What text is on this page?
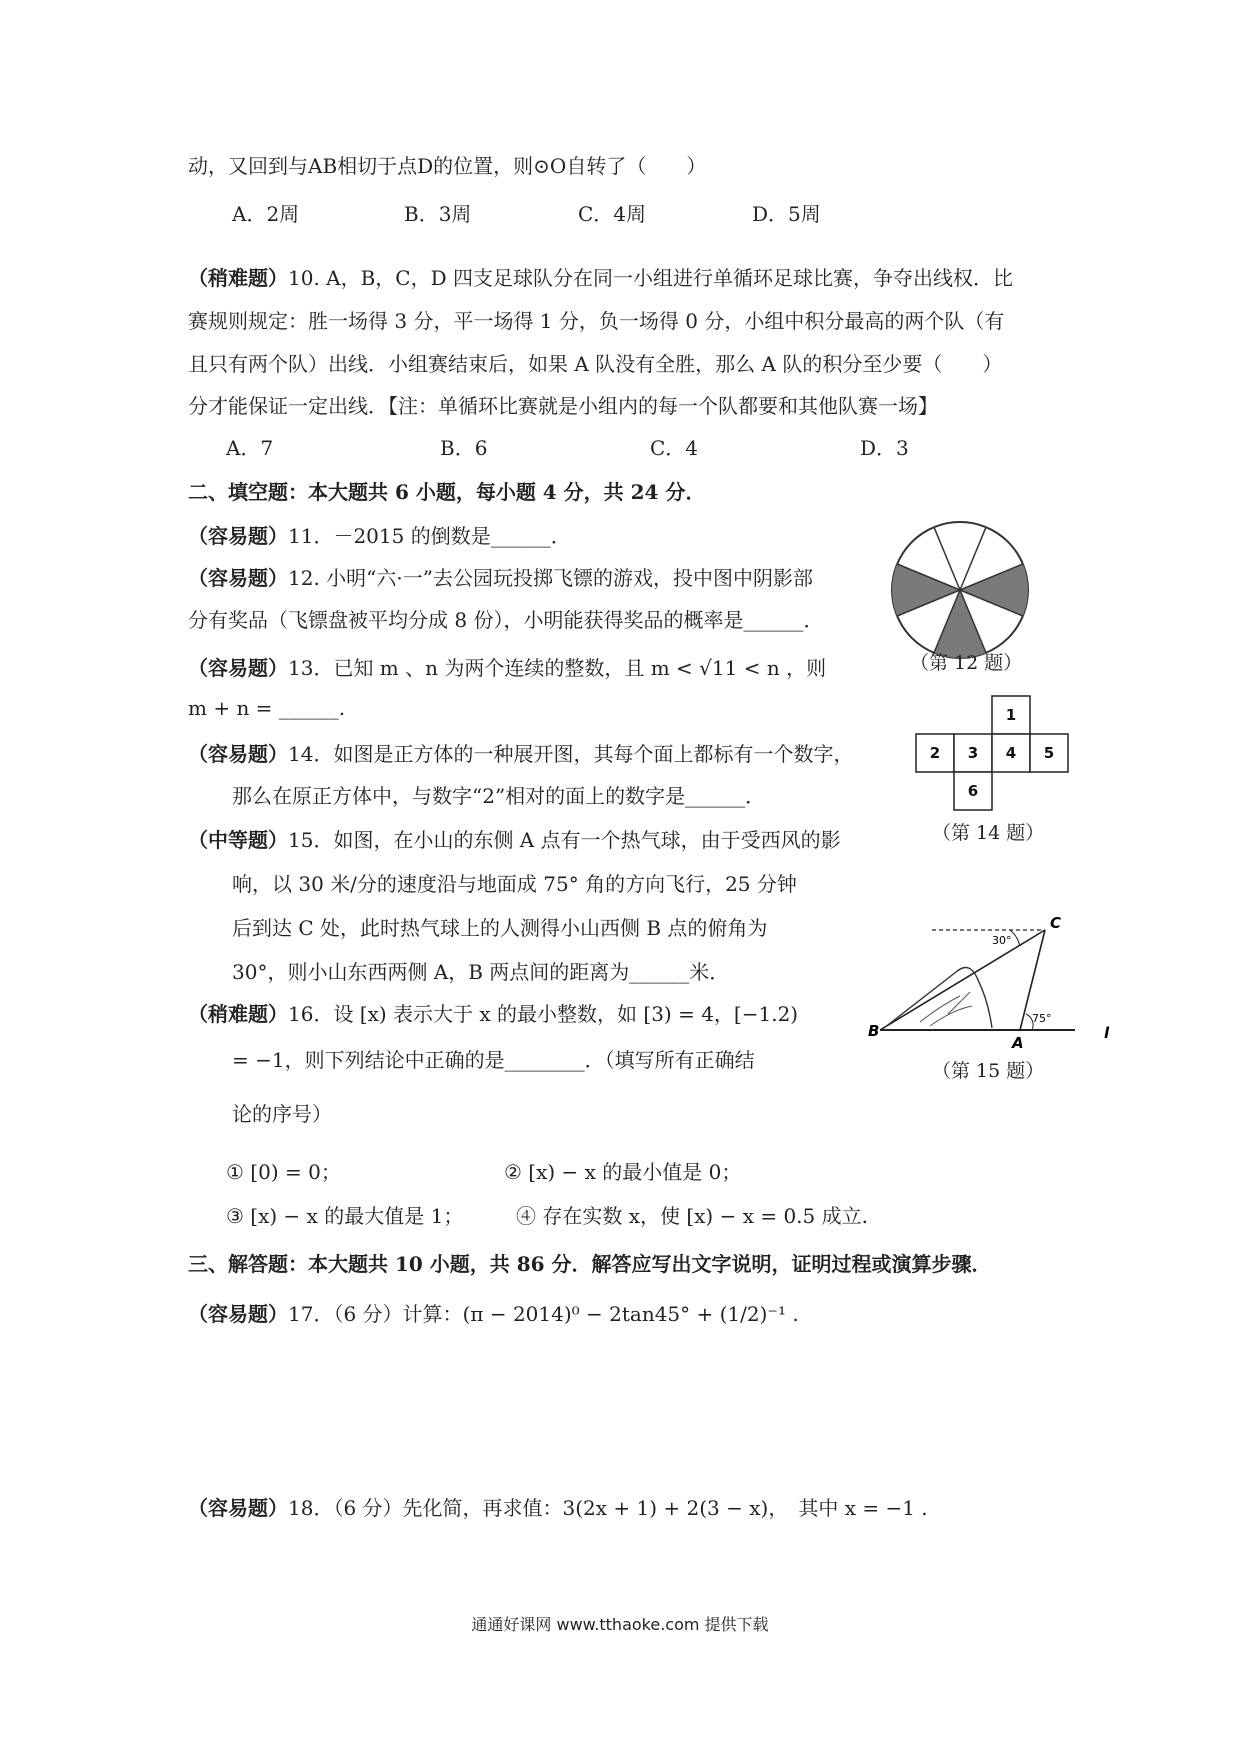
动，又回到与AB相切于点D的位置，则⊙O自转了（　　）
A．2周	B．3周	C．4周	D．5周
（稍难题）10. A，B，C，D 四支足球队分在同一小组进行单循环足球比赛，争夺出线权．比
赛规则规定：胜一场得 3 分，平一场得 1 分，负一场得 0 分，小组中积分最高的两个队（有
且只有两个队）出线．小组赛结束后，如果 A 队没有全胜，那么 A 队的积分至少要（　　）
分才能保证一定出线．【注：单循环比赛就是小组内的每一个队都要和其他队赛一场】
A．7	B．6	C．4	D．3
二、填空题：本大题共 6 小题，每小题 4 分，共 24 分．
（容易题）11．－2015 的倒数是______．
（容易题）12. 小明“六·一”去公园玩投掷飞镖的游戏，投中图中阴影部
分有奖品（飞镖盘被平均分成 8 份），小明能获得奖品的概率是______．
（第 12 题）
（容易题）13．已知 m 、n 为两个连续的整数，且 m < √11 < n ，则
m + n = ______.
（容易题）14．如图是正方体的一种展开图，其每个面上都标有一个数字，
那么在原正方体中，与数字“2”相对的面上的数字是______．
1
2 3 4 5
6
（第 14 题）
（中等题）15．如图，在小山的东侧 A 点有一个热气球，由于受西风的影
响，以 30 米/分的速度沿与地面成 75° 角的方向飞行，25 分钟
后到达 C 处，此时热气球上的人测得小山西侧 B 点的俯角为
30°，则小山东西两侧 A，B 两点间的距离为______米．
B
A
C
30°
75°
l
（第 15 题）
（稍难题）16．设 [x) 表示大于 x 的最小整数，如 [3) = 4，[−1.2)
= −1，则下列结论中正确的是________．（填写所有正确结
论的序号）
① [0) = 0；	② [x) − x 的最小值是 0；
③ [x) − x 的最大值是 1；	④ 存在实数 x，使 [x) − x = 0.5 成立.
三、解答题：本大题共 10 小题，共 86 分．解答应写出文字说明，证明过程或演算步骤．
（容易题）17．（6 分）计算：(π − 2014)⁰ − 2tan45° + (1/2)⁻¹ .
（容易题）18．（6 分）先化简，再求值：3(2x + 1) + 2(3 − x)，　其中 x = −1 .
通通好课网 www.tthaoke.com 提供下载
